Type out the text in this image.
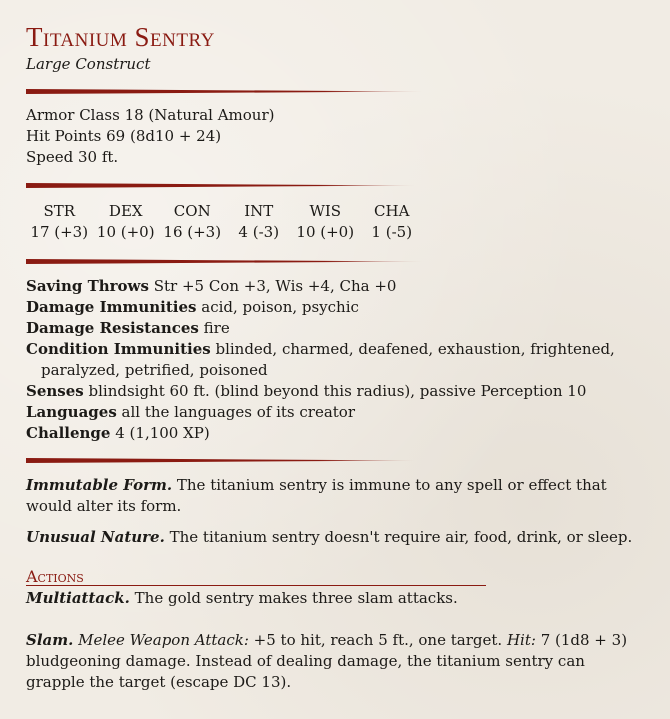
Titanium Sentry
Large Construct
Armor Class 18 (Natural Amour)
Hit Points 69 (8d10 + 24)
Speed 30 ft.
STR
17 (+3)
DEX
10 (+0)
CON
16 (+3)
INT
4 (-3)
WIS
10 (+0)
CHA
1 (-5)
Saving Throws Str +5 Con +3, Wis +4, Cha +0
Damage Immunities acid, poison, psychic
Damage Resistances fire
Condition Immunities blinded, charmed, deafened, exhaustion, frightened, paralyzed, petrified, poisoned
Senses blindsight 60 ft. (blind beyond this radius), passive Perception 10
Languages all the languages of its creator
Challenge 4 (1,100 XP)
Immutable Form. The titanium sentry is immune to any spell or effect that would alter its form.
Unusual Nature. The titanium sentry doesn't require air, food, drink, or sleep.
Actions
Multiattack. The gold sentry makes three slam attacks.
Slam. Melee Weapon Attack: +5 to hit, reach 5 ft., one target. Hit: 7 (1d8 + 3) bludgeoning damage. Instead of dealing damage, the titanium sentry can grapple the target (escape DC 13).
